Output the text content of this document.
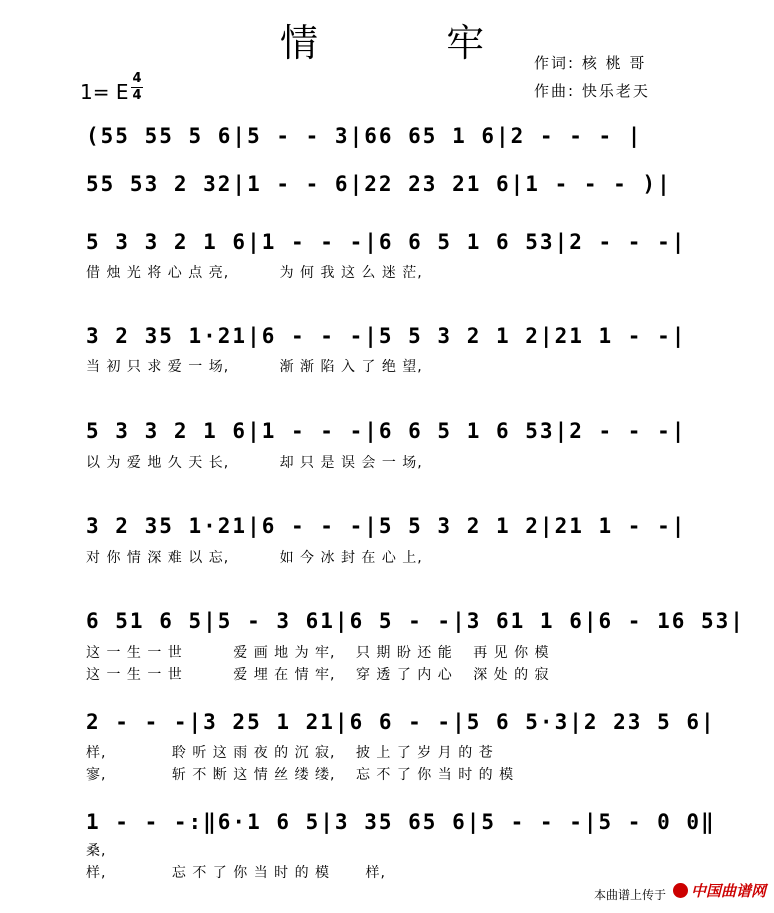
情 牢
作词: 核 桃 哥
作曲: 快乐老天
1= E
4
4
(55 55 5 6|5 - - 3|66 65 1 6|2 - - - |
55 53 2 32|1 - - 6|22 23 21 6|1 - - - )|
5 3 3 2 1 6|1 - - -|6 6 5 1 6 53|2 - - -|
借 烛 光 将 心 点 亮,　　　 为 何 我 这 么 迷 茫,
3 2 35 1·21|6 - - -|5 5 3 2 1 2|21 1 - -|
当 初 只 求 爱 一 场,　　　 渐 渐 陷 入 了 绝 望,
5 3 3 2 1 6|1 - - -|6 6 5 1 6 53|2 - - -|
以 为 爱 地 久 天 长,　　　 却 只 是 误 会 一 场,
3 2 35 1·21|6 - - -|5 5 3 2 1 2|21 1 - -|
对 你 情 深 难 以 忘,　　　 如 今 冰 封 在 心 上,
6 51 6 5|5 - 3 61|6 5 - -|3 61 1 6|6 - 16 53|
这 一 生 一 世　　　 爱 画 地 为 牢,　 只 期 盼 还 能　 再 见 你 模
这 一 生 一 世　　　 爱 埋 在 情 牢,　 穿 透 了 内 心　 深 处 的 寂
2 - - -|3 25 1 21|6 6 - -|5 6 5·3|2 23 5 6|
样,　　　　 聆 听 这 雨 夜 的 沉 寂,　 披 上 了 岁 月 的 苍
寥,　　　　 斩 不 断 这 情 丝 缕 缕,　 忘 不 了 你 当 时 的 模
1 - - -:‖6·1 6 5|3 35 65 6|5 - - -|5 - 0 0‖
桑,
样,　　　　 忘 不 了 你 当 时 的 模　　 样,
本曲谱上传于	中国曲谱网
